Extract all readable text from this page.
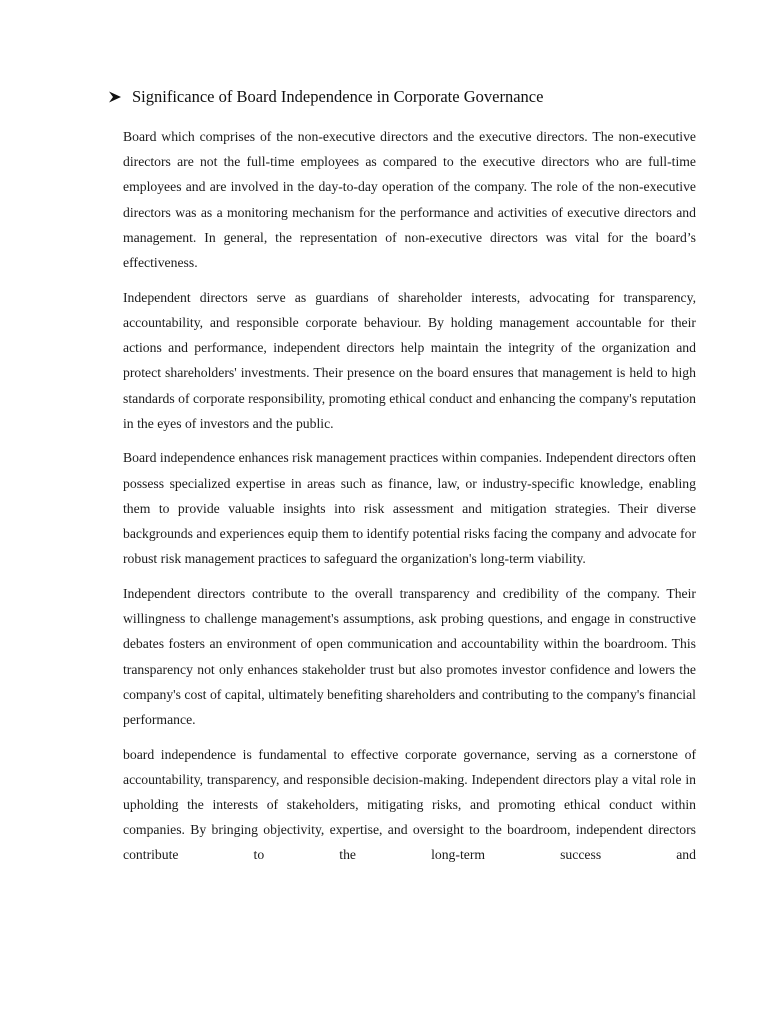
Significance of Board Independence in Corporate Governance

Board which comprises of the non-executive directors and the executive directors. The non-executive directors are not the full-time employees as compared to the executive directors who are full-time employees and are involved in the day-to-day operation of the company. The role of the non-executive directors was as a monitoring mechanism for the performance and activities of executive directors and management. In general, the representation of non-executive directors was vital for the board’s effectiveness.

Independent directors serve as guardians of shareholder interests, advocating for transparency, accountability, and responsible corporate behaviour. By holding management accountable for their actions and performance, independent directors help maintain the integrity of the organization and protect shareholders' investments. Their presence on the board ensures that management is held to high standards of corporate responsibility, promoting ethical conduct and enhancing the company's reputation in the eyes of investors and the public.

Board independence enhances risk management practices within companies. Independent directors often possess specialized expertise in areas such as finance, law, or industry-specific knowledge, enabling them to provide valuable insights into risk assessment and mitigation strategies. Their diverse backgrounds and experiences equip them to identify potential risks facing the company and advocate for robust risk management practices to safeguard the organization's long-term viability.

Independent directors contribute to the overall transparency and credibility of the company. Their willingness to challenge management's assumptions, ask probing questions, and engage in constructive debates fosters an environment of open communication and accountability within the boardroom. This transparency not only enhances stakeholder trust but also promotes investor confidence and lowers the company's cost of capital, ultimately benefiting shareholders and contributing to the company's financial performance.

board independence is fundamental to effective corporate governance, serving as a cornerstone of accountability, transparency, and responsible decision-making. Independent directors play a vital role in upholding the interests of stakeholders, mitigating risks, and promoting ethical conduct within companies. By bringing objectivity, expertise, and oversight to the boardroom, independent directors contribute to the long-term success and
